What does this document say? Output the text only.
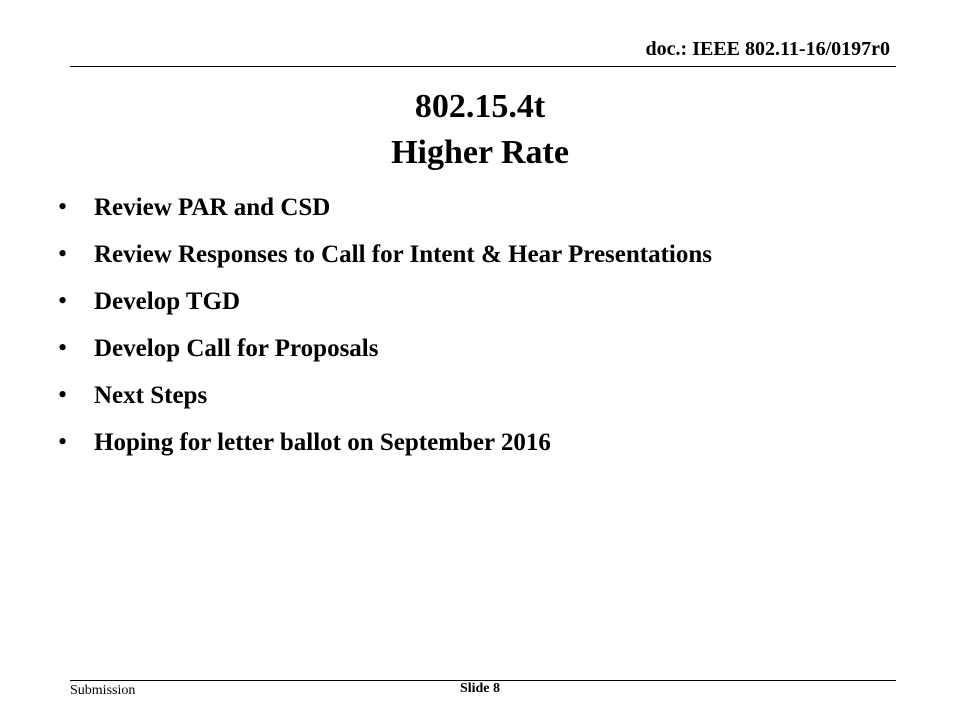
doc.: IEEE 802.11-16/0197r0
802.15.4t
Higher Rate
•	Review PAR and CSD
•	Review Responses to Call for Intent & Hear Presentations
•	Develop TGD
•	Develop Call for Proposals
•	Next Steps
•	Hoping for letter ballot on September 2016
Submission	Slide 8
